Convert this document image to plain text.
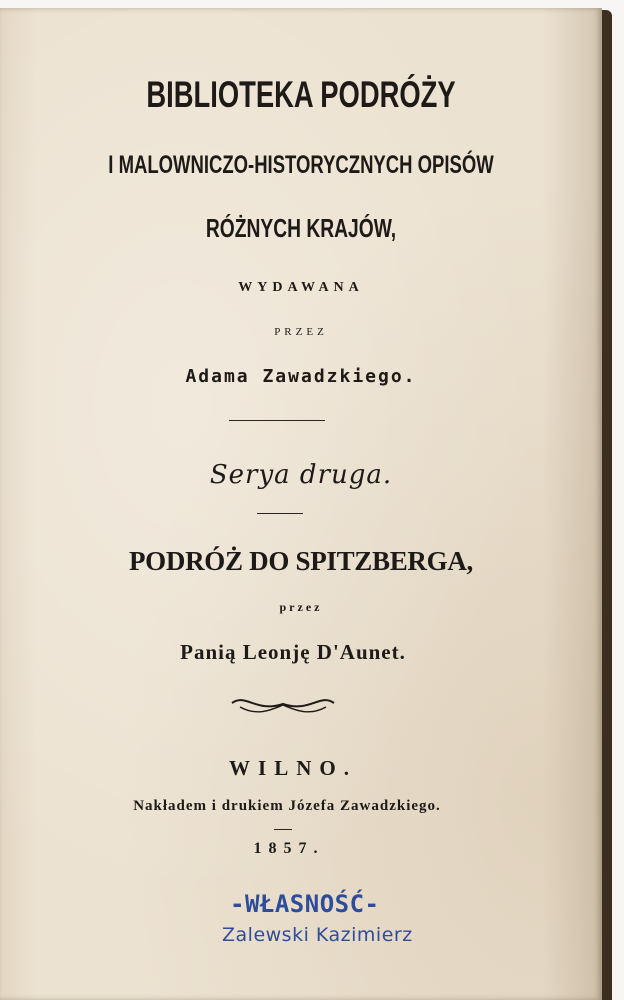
BIBLIOTEKA PODRÓŻY
I MALOWNICZO-HISTORYCZNYCH OPISÓW
RÓŻNYCH KRAJÓW,
WYDAWANA
PRZEZ
Adama Zawadzkiego.
Serya druga.
PODRÓŻ DO SPITZBERGA,
przez
Panią Leonję D'Aunet.
WILNO.
Nakładem i drukiem Józefa Zawadzkiego.
1857.
-WŁASNOŚĆ-
Zalewski Kazimierz
